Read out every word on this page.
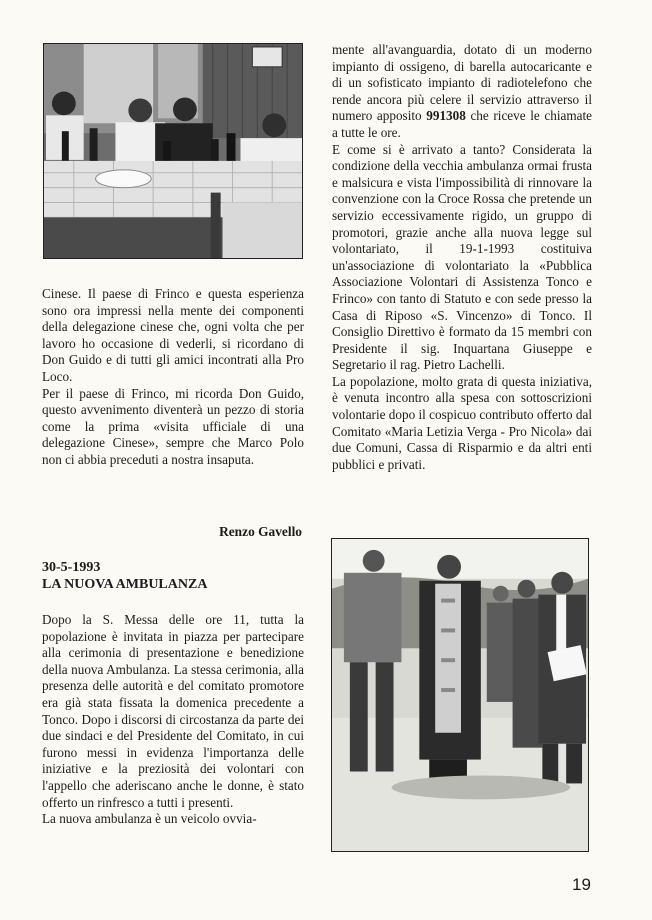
Cinese. Il paese di Frinco e questa esperienza sono ora impressi nella mente dei componenti della delegazione cinese che, ogni volta che per lavoro ho occasione di vederli, si ricordano di Don Guido e di tutti gli amici incontrati alla Pro Loco.

Per il paese di Frinco, mi ricorda Don Guido, questo avvenimento diventerà un pezzo di storia come la prima «visita ufficiale di una delegazione Cinese», sempre che Marco Polo non ci abbia preceduti a nostra insaputa.

Renzo Gavello
30-5-1993
LA NUOVA AMBULANZA

Dopo la S. Messa delle ore 11, tutta la popolazione è invitata in piazza per partecipare alla cerimonia di presentazione e benedizione della nuova Ambulanza. La stessa cerimonia, alla presenza delle autorità e del comitato promotore era già stata fissata la domenica precedente a Tonco. Dopo i discorsi di circostanza da parte dei due sindaci e del Presidente del Comitato, in cui furono messi in evidenza l'importanza delle iniziative e la preziosità dei volontari con l'appello che aderiscano anche le donne, è stato offerto un rinfresco a tutti i presenti.

La nuova ambulanza è un veicolo ovvia-

mente all'avanguardia, dotato di un moderno impianto di ossigeno, di barella autocaricante e di un sofisticato impianto di radiotelefono che rende ancora più celere il servizio attraverso il numero apposito 991308 che riceve le chiamate a tutte le ore.

E come si è arrivato a tanto? Considerata la condizione della vecchia ambulanza ormai frusta e malsicura e vista l'impossibilità di rinnovare la convenzione con la Croce Rossa che pretende un servizio eccessivamente rigido, un gruppo di promotori, grazie anche alla nuova legge sul volontariato, il 19-1-1993 costituiva un'associazione di volontariato la «Pubblica Associazione Volontari di Assistenza Tonco e Frinco» con tanto di Statuto e con sede presso la Casa di Riposo «S. Vincenzo» di Tonco. Il Consiglio Direttivo è formato da 15 membri con Presidente il sig. Inquartana Giuseppe e Segretario il rag. Pietro Lachelli.

La popolazione, molto grata di questa iniziativa, è venuta incontro alla spesa con sottoscrizioni volontarie dopo il cospicuo contributo offerto dal Comitato «Maria Letizia Verga - Pro Nicola» dai due Comuni, Cassa di Risparmio e da altri enti pubblici e privati.

19
